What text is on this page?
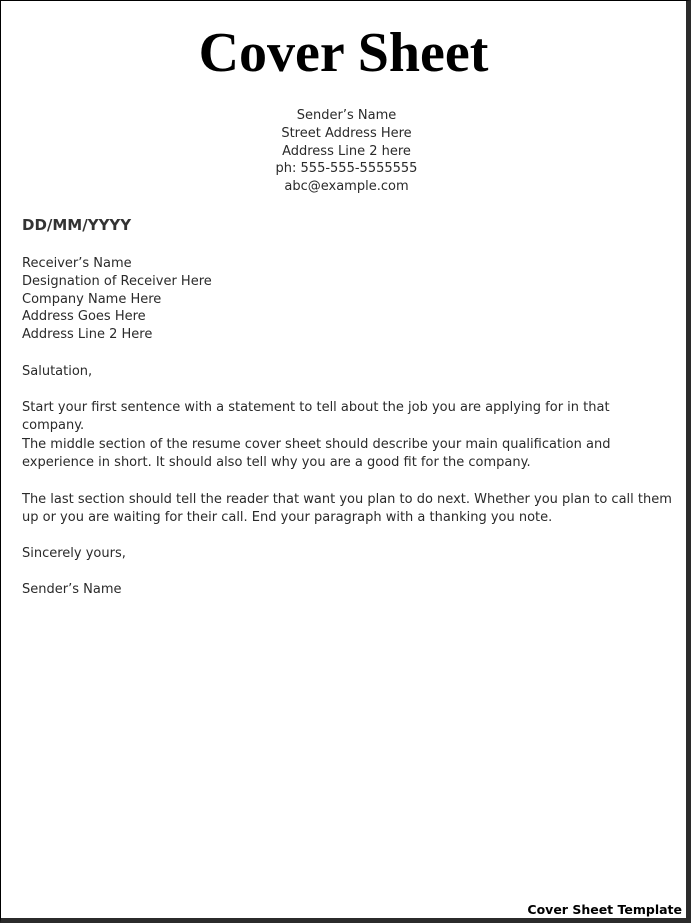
Cover Sheet
Sender’s Name
Street Address Here
Address Line 2 here
ph: 555-555-5555555
abc@example.com

DD/MM/YYYY

Receiver’s Name
Designation of Receiver Here
Company Name Here
Address Goes Here
Address Line 2 Here

Salutation,

Start your first sentence with a statement to tell about the job you are applying for in that company.

The middle section of the resume cover sheet should describe your main qualification and experience in short. It should also tell why you are a good fit for the company.

The last section should tell the reader that want you plan to do next. Whether you plan to call them up or you are waiting for their call. End your paragraph with a thanking you note.

Sincerely yours,

Sender’s Name

Cover Sheet Template
